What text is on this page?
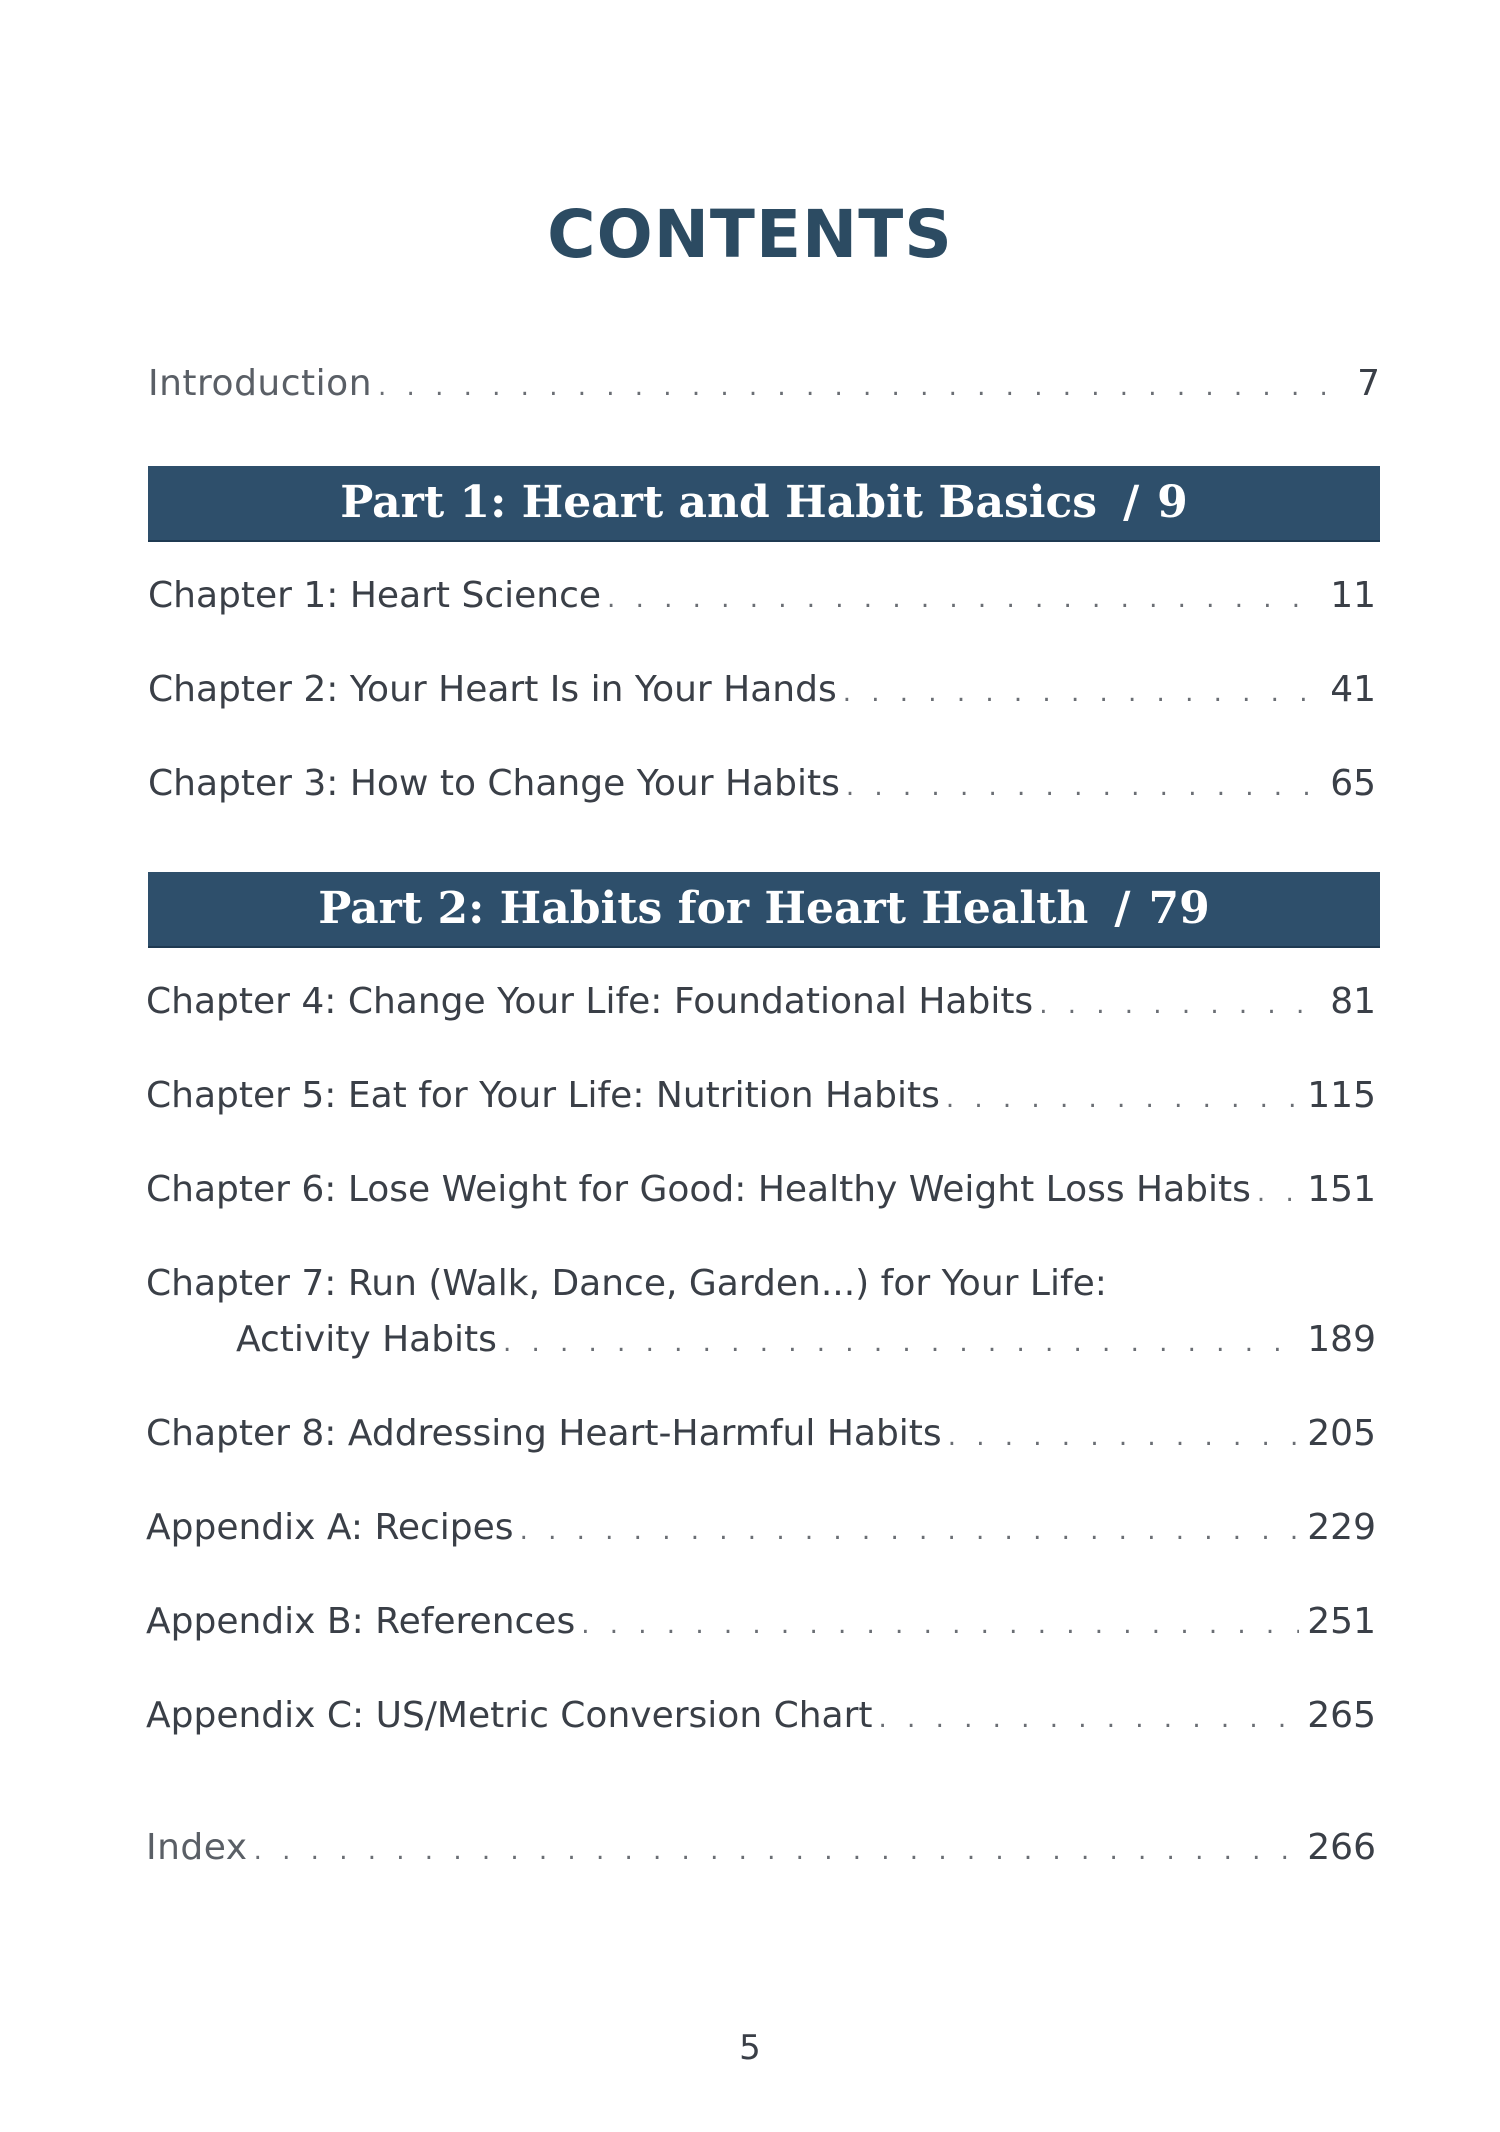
CONTENTS
Introduction . . .	7
Part 1: Heart and Habit Basics / 9
Chapter 1: Heart Science . . .	11
Chapter 2: Your Heart Is in Your Hands . . .	41
Chapter 3: How to Change Your Habits . . .	65
Part 2: Habits for Heart Health / 79
Chapter 4: Change Your Life: Foundational Habits . . .	81
Chapter 5: Eat for Your Life: Nutrition Habits . . .	115
Chapter 6: Lose Weight for Good: Healthy Weight Loss Habits . . . 151
Chapter 7: Run (Walk, Dance, Garden...) for Your Life:
Activity Habits . . .	189
Chapter 8: Addressing Heart-Harmful Habits . . .	205
Appendix A: Recipes . . .	229
Appendix B: References . . .	251
Appendix C: US/Metric Conversion Chart . . .	265
Index . . .	266
5
